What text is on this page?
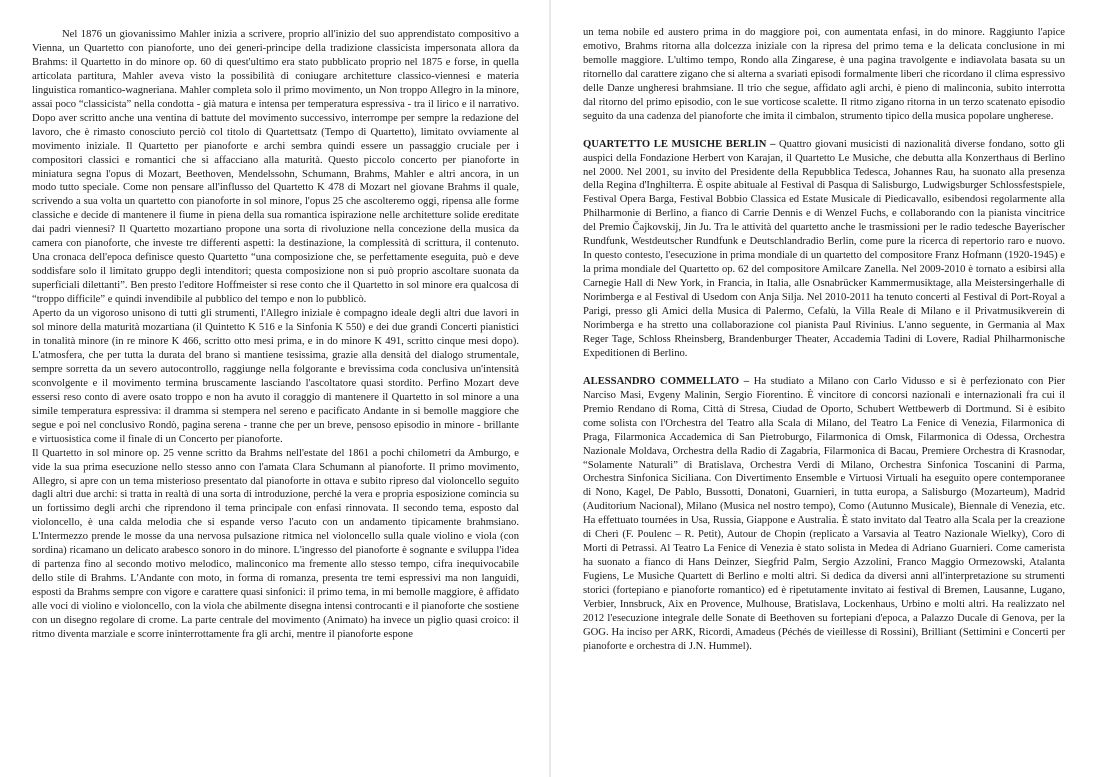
Nel 1876 un giovanissimo Mahler inizia a scrivere, proprio all'inizio del suo apprendistato compositivo a Vienna, un Quartetto con pianoforte, uno dei generi-principe della tradizione classicista impersonata allora da Brahms: il Quartetto in do minore op. 60 di quest'ultimo era stato pubblicato proprio nel 1875 e forse, in quella articolata partitura, Mahler aveva visto la possibilità di coniugare architetture classico-viennesi e materia linguistica romantico-wagneriana. Mahler completa solo il primo movimento, un Non troppo Allegro in la minore, assai poco “classicista” nella condotta - già matura e intensa per temperatura espressiva - tra il lirico e il narrativo. Dopo aver scritto anche una ventina di battute del movimento successivo, interrompe per sempre la redazione del lavoro, che è rimasto conosciuto perciò col titolo di Quartettsatz (Tempo di Quartetto), limitato ovviamente al movimento iniziale. Il Quartetto per pianoforte e archi sembra quindi essere un passaggio cruciale per i compositori classici e romantici che si affacciano alla maturità. Questo piccolo concerto per pianoforte in miniatura segna l'opus di Mozart, Beethoven, Mendelssohn, Schumann, Brahms, Mahler e altri ancora, in un modo tutto speciale. Come non pensare all'influsso del Quartetto K 478 di Mozart nel giovane Brahms il quale, scrivendo a sua volta un quartetto con pianoforte in sol minore, l'opus 25 che ascolteremo oggi, ripensa alle forme classiche e decide di mantenere il fiume in piena della sua romantica ispirazione nelle architetture solide ereditate dai padri viennesi? Il Quartetto mozartiano propone una sorta di rivoluzione nella concezione della musica da camera con pianoforte, che investe tre differenti aspetti: la destinazione, la complessità di scrittura, il contenuto. Una cronaca dell'epoca definisce questo Quartetto “una composizione che, se perfettamente eseguita, può e deve soddisfare solo il limitato gruppo degli intenditori; questa composizione non si può proprio ascoltare suonata da superficiali dilettanti”. Ben presto l'editore Hoffmeister si rese conto che il Quartetto in sol minore era qualcosa di “troppo difficile” e quindi invendibile al pubblico del tempo e non lo pubblicò.

Aperto da un vigoroso unisono di tutti gli strumenti, l'Allegro iniziale è compagno ideale degli altri due lavori in sol minore della maturità mozartiana (il Quintetto K 516 e la Sinfonia K 550) e dei due grandi Concerti pianistici in tonalità minore (in re minore K 466, scritto otto mesi prima, e in do minore K 491, scritto cinque mesi dopo). L'atmosfera, che per tutta la durata del brano si mantiene tesissima, grazie alla densità del dialogo strumentale, sempre sorretta da un severo autocontrollo, raggiunge nella folgorante e brevissima coda conclusiva un'intensità sconvolgente e il movimento termina bruscamente lasciando l'ascoltatore quasi stordito. Perfino Mozart deve essersi reso conto di avere osato troppo e non ha avuto il coraggio di mantenere il Quartetto in sol minore a una simile temperatura espressiva: il dramma si stempera nel sereno e pacificato Andante in si bemolle maggiore che segue e poi nel conclusivo Rondò, pagina serena - tranne che per un breve, pensoso episodio in minore - brillante e virtuosistica come il finale di un Concerto per pianoforte.

Il Quartetto in sol minore op. 25 venne scritto da Brahms nell'estate del 1861 a pochi chilometri da Amburgo, e vide la sua prima esecuzione nello stesso anno con l'amata Clara Schumann al pianoforte. Il primo movimento, Allegro, si apre con un tema misterioso presentato dal pianoforte in ottava e subito ripreso dal violoncello seguito dagli altri due archi: si tratta in realtà di una sorta di introduzione, perché la vera e propria esposizione comincia su un fortissimo degli archi che riprendono il tema principale con enfasi rinnovata. Il secondo tema, esposto dal violoncello, è una calda melodia che si espande verso l'acuto con un andamento tipicamente brahmsiano. L'Intermezzo prende le mosse da una nervosa pulsazione ritmica nel violoncello sulla quale violino e viola (con sordina) ricamano un delicato arabesco sonoro in do minore. L'ingresso del pianoforte è sognante e sviluppa l'idea di partenza fino al secondo motivo melodico, malinconico ma fremente allo stesso tempo, cifra inequivocabile dello stile di Brahms. L'Andante con moto, in forma di romanza, presenta tre temi espressivi ma non languidi, esposti da Brahms sempre con vigore e carattere quasi sinfonici: il primo tema, in mi bemolle maggiore, è affidato alle voci di violino e violoncello, con la viola che abilmente disegna intensi controcanti e il pianoforte che sostiene con un disegno regolare di crome. La parte centrale del movimento (Animato) ha invece un piglio quasi croico: il ritmo diventa marziale e scorre ininterrottamente fra gli archi, mentre il pianoforte espone

un tema nobile ed austero prima in do maggiore poi, con aumentata enfasi, in do minore. Raggiunto l'apice emotivo, Brahms ritorna alla dolcezza iniziale con la ripresa del primo tema e la delicata conclusione in mi bemolle maggiore. L'ultimo tempo, Rondo alla Zingarese, è una pagina travolgente e indiavolata basata su un ritornello dal carattere zigano che si alterna a svariati episodi formalmente liberi che ricordano il clima espressivo delle Danze ungheresi brahmsiane. Il trio che segue, affidato agli archi, è pieno di malinconia, subito interrotta dal ritorno del primo episodio, con le sue vorticose scalette. Il ritmo zigano ritorna in un terzo scatenato episodio seguito da una cadenza del pianoforte che imita il cimbalon, strumento tipico della musica popolare ungherese.

QUARTETTO LE MUSICHE BERLIN – Quattro giovani musicisti di nazionalità diverse fondano, sotto gli auspici della Fondazione Herbert von Karajan, il Quartetto Le Musiche, che debutta alla Konzerthaus di Berlino nel 2000. Nel 2001, su invito del Presidente della Repubblica Tedesca, Johannes Rau, ha suonato alla presenza della Regina d'Inghilterra. È ospite abituale al Festival di Pasqua di Salisburgo, Ludwigsburger Schlossfestspiele, Festival Opera Barga, Festival Bobbio Classica ed Estate Musicale di Piedicavallo, esibendosi regolarmente alla Philharmonie di Berlino, a fianco di Carrie Dennis e di Wenzel Fuchs, e collaborando con la pianista vincitrice del Premio Čajkovskij, Jin Ju. Tra le attività del quartetto anche le trasmissioni per le radio tedesche Bayerischer Rundfunk, Westdeutscher Rundfunk e Deutschlandradio Berlin, come pure la ricerca di repertorio raro e nuovo. In questo contesto, l'esecuzione in prima mondiale di un quartetto del compositore Franz Hofmann (1920-1945) e la prima mondiale del Quartetto op. 62 del compositore Amilcare Zanella. Nel 2009-2010 è tornato a esibirsi alla Carnegie Hall di New York, in Francia, in Italia, alle Osnabrücker Kammermusiktage, alla Meistersingerhalle di Norimberga e al Festival di Usedom con Anja Silja. Nel 2010-2011 ha tenuto concerti al Festival di Port-Royal a Parigi, presso gli Amici della Musica di Palermo, Cefalù, la Villa Reale di Milano e il Privatmusikverein di Norimberga e ha stretto una collaborazione col pianista Paul Rivinius. L'anno seguente, in Germania al Max Reger Tage, Schloss Rheinsberg, Brandenburger Theater, Accademia Tadini di Lovere, Radial Philharmonische Expeditionen di Berlino.

ALESSANDRO COMMELLATO – Ha studiato a Milano con Carlo Vidusso e si è perfezionato con Pier Narciso Masi, Evgeny Malinin, Sergio Fiorentino. È vincitore di concorsi nazionali e internazionali fra cui il Premio Rendano di Roma, Città di Stresa, Ciudad de Oporto, Schubert Wettbewerb di Dortmund. Si è esibito come solista con l'Orchestra del Teatro alla Scala di Milano, del Teatro La Fenice di Venezia, Filarmonica di Praga, Filarmonica Accademica di San Pietroburgo, Filarmonica di Omsk, Filarmonica di Odessa, Orchestra Nazionale Moldava, Orchestra della Radio di Zagabria, Filarmonica di Bacau, Premiere Orchestra di Krasnodar, “Solamente Naturali” di Bratislava, Orchestra Verdi di Milano, Orchestra Sinfonica Toscanini di Parma, Orchestra Sinfonica Siciliana. Con Divertimento Ensemble e Virtuosi Virtuali ha eseguito opere contemporanee di Nono, Kagel, De Pablo, Bussotti, Donatoni, Guarnieri, in tutta europa, a Salisburgo (Mozarteum), Madrid (Auditorium Nacional), Milano (Musica nel nostro tempo), Como (Autunno Musicale), Biennale di Venezia, etc. Ha effettuato tournées in Usa, Russia, Giappone e Australia. È stato invitato dal Teatro alla Scala per la creazione di Cherì (F. Poulenc – R. Petit), Autour de Chopin (replicato a Varsavia al Teatro Nazionale Wielky), Coro di Morti di Petrassi. Al Teatro La Fenice di Venezia è stato solista in Medea di Adriano Guarnieri. Come cameristа ha suonato a fianco di Hans Deinzer, Siegfrid Palm, Sergio Azzolini, Franco Maggio Ormezowski, Atalanta Fugiens, Le Musiche Quartett di Berlino e molti altri. Si dedica da diversi anni all'interpretazione su strumenti storici (fortepiano e pianoforte romantico) ed è ripetutamente invitato ai festival di Bremen, Lausanne, Lugano, Verbier, Innsbruck, Aix en Provence, Mulhouse, Bratislava, Lockenhaus, Urbino e molti altri. Ha realizzato nel 2012 l'esecuzione integrale delle Sonate di Beethoven su fortepiani d'epoca, a Palazzo Ducale di Genova, per la GOG. Ha inciso per ARK, Ricordi, Amadeus (Péchés de vieillesse di Rossini), Brilliant (Settimini e Concerti per pianoforte e orchestra di J.N. Hummel).
